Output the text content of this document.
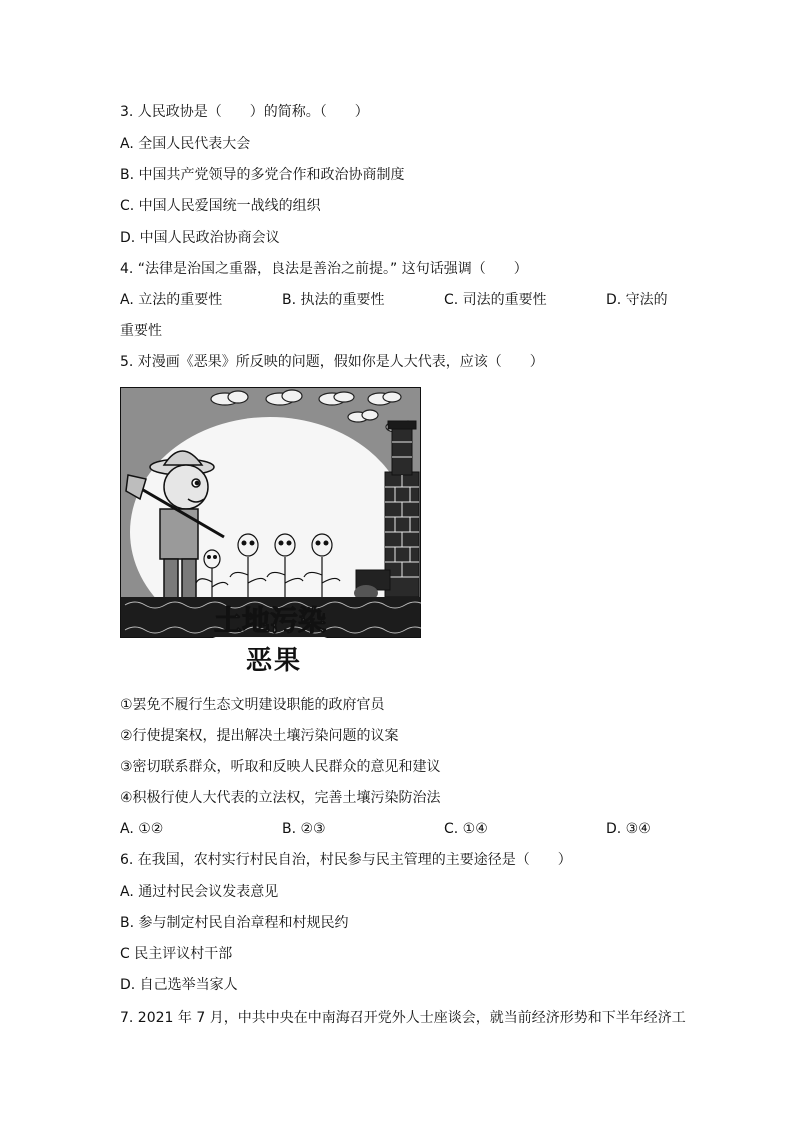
3. 人民政协是（　　）的简称。（　　）
A. 全国人民代表大会
B. 中国共产党领导的多党合作和政治协商制度
C. 中国人民爱国统一战线的组织
D. 中国人民政治协商会议
4. “法律是治国之重器，良法是善治之前提。” 这句话强调（　　）
A. 立法的重要性	B. 执法的重要性	C. 司法的重要性	D. 守法的
重要性
5. 对漫画《恶果》所反映的问题，假如你是人大代表，应该（　　）
土地污染
恶果
①罢免不履行生态文明建设职能的政府官员
②行使提案权，提出解决土壤污染问题的议案
③密切联系群众，听取和反映人民群众的意见和建议
④积极行使人大代表的立法权，完善土壤污染防治法
A. ①②	B. ②③	C. ①④	D. ③④
6. 在我国，农村实行村民自治，村民参与民主管理的主要途径是（　　）
A. 通过村民会议发表意见
B. 参与制定村民自治章程和村规民约
C 民主评议村干部
D. 自己选举当家人
7. 2021 年 7 月，中共中央在中南海召开党外人士座谈会，就当前经济形势和下半年经济工
